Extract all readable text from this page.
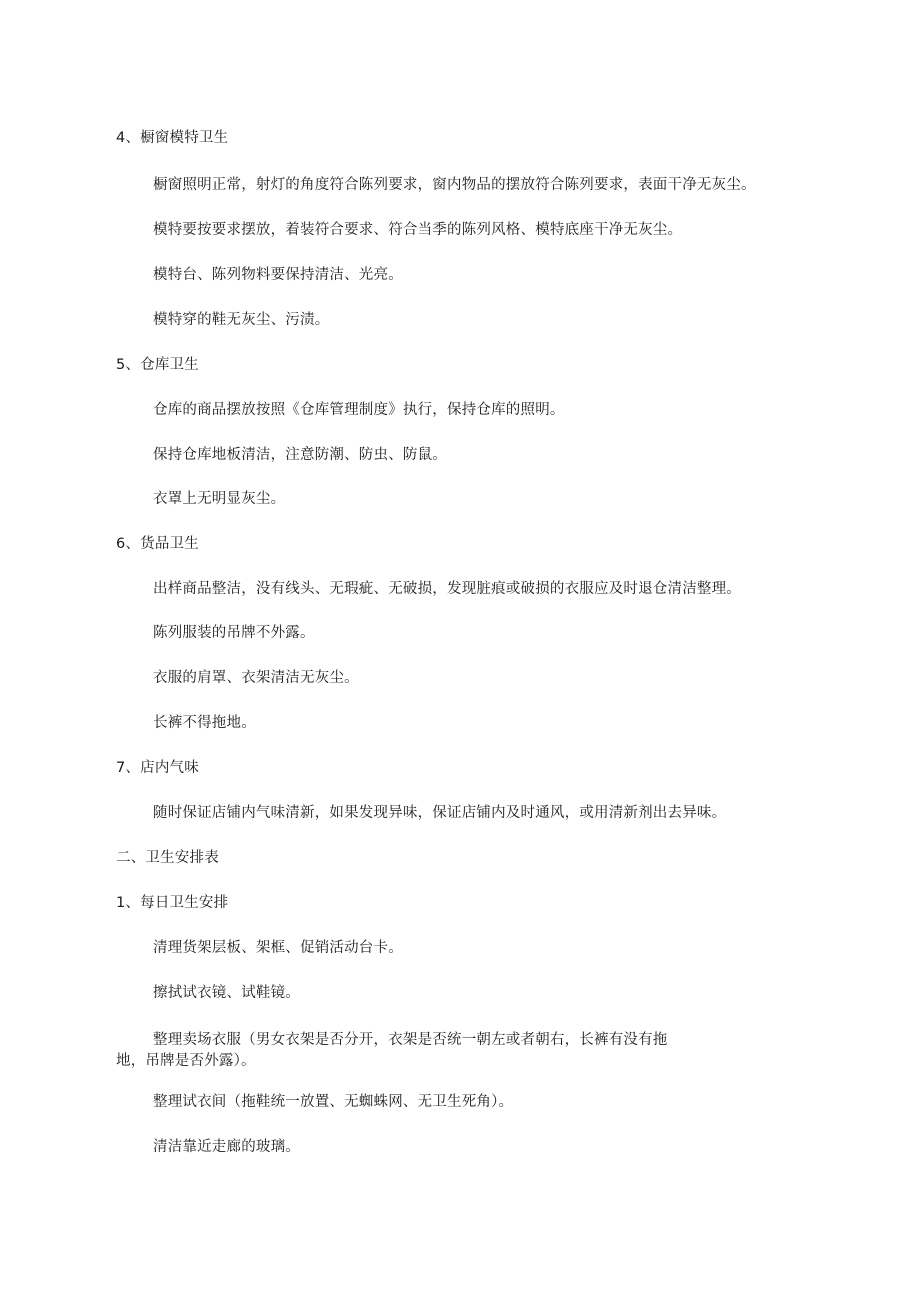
4、橱窗模特卫生
橱窗照明正常，射灯的角度符合陈列要求，窗内物品的摆放符合陈列要求，表面干净无灰尘。
模特要按要求摆放，着装符合要求、符合当季的陈列风格、模特底座干净无灰尘。
模特台、陈列物料要保持清洁、光亮。
模特穿的鞋无灰尘、污渍。
5、仓库卫生
仓库的商品摆放按照《仓库管理制度》执行，保持仓库的照明。
保持仓库地板清洁，注意防潮、防虫、防鼠。
衣罩上无明显灰尘。
6、货品卫生
出样商品整洁，没有线头、无瑕疵、无破损，发现脏痕或破损的衣服应及时退仓清洁整理。
陈列服装的吊牌不外露。
衣服的肩罩、衣架清洁无灰尘。
长裤不得拖地。
7、店内气味
随时保证店铺内气味清新，如果发现异味，保证店铺内及时通风，或用清新剂出去异味。
二、卫生安排表
1、每日卫生安排
清理货架层板、架框、促销活动台卡。
擦拭试衣镜、试鞋镜。
整理卖场衣服（男女衣架是否分开，衣架是否统一朝左或者朝右，长裤有没有拖
地，吊牌是否外露）。
整理试衣间（拖鞋统一放置、无蜘蛛网、无卫生死角）。
清洁靠近走廊的玻璃。
